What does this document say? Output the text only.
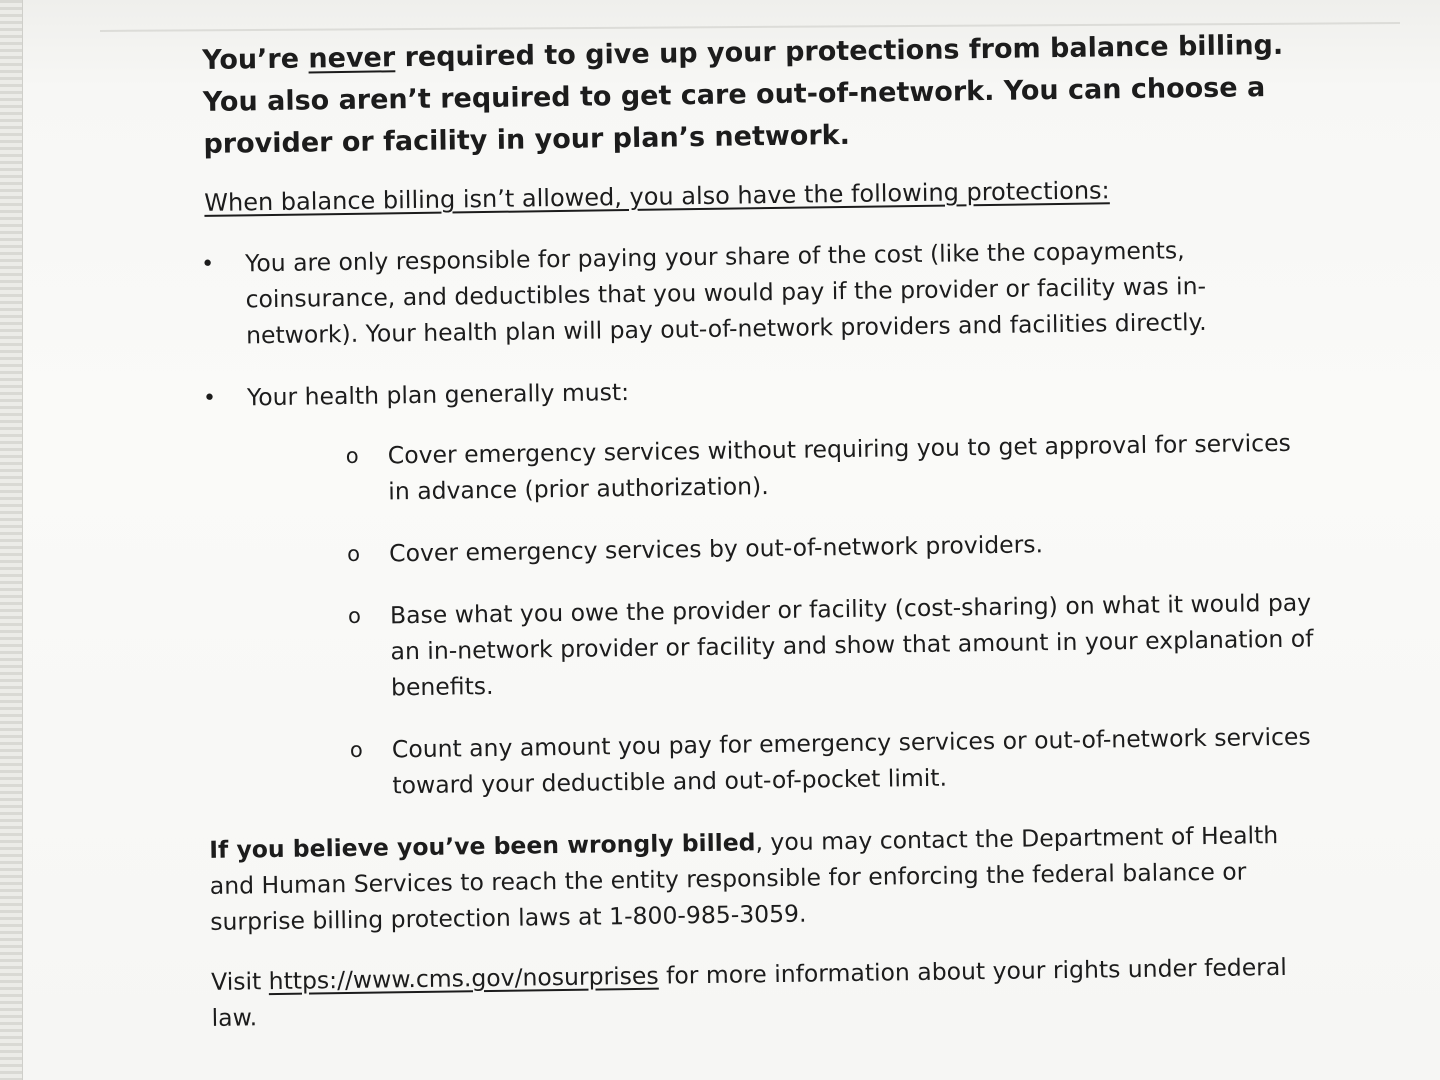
You’re never required to give up your protections from balance billing. You also aren’t required to get care out-of-network. You can choose a provider or facility in your plan’s network.

When balance billing isn’t allowed, you also have the following protections:

• You are only responsible for paying your share of the cost (like the copayments, coinsurance, and deductibles that you would pay if the provider or facility was in-network). Your health plan will pay out-of-network providers and facilities directly.
• Your health plan generally must:
o Cover emergency services without requiring you to get approval for services in advance (prior authorization).
o Cover emergency services by out-of-network providers.
o Base what you owe the provider or facility (cost-sharing) on what it would pay an in-network provider or facility and show that amount in your explanation of benefits.
o Count any amount you pay for emergency services or out-of-network services toward your deductible and out-of-pocket limit.

If you believe you’ve been wrongly billed, you may contact the Department of Health and Human Services to reach the entity responsible for enforcing the federal balance or surprise billing protection laws at 1-800-985-3059.

Visit https://www.cms.gov/nosurprises for more information about your rights under federal law.
